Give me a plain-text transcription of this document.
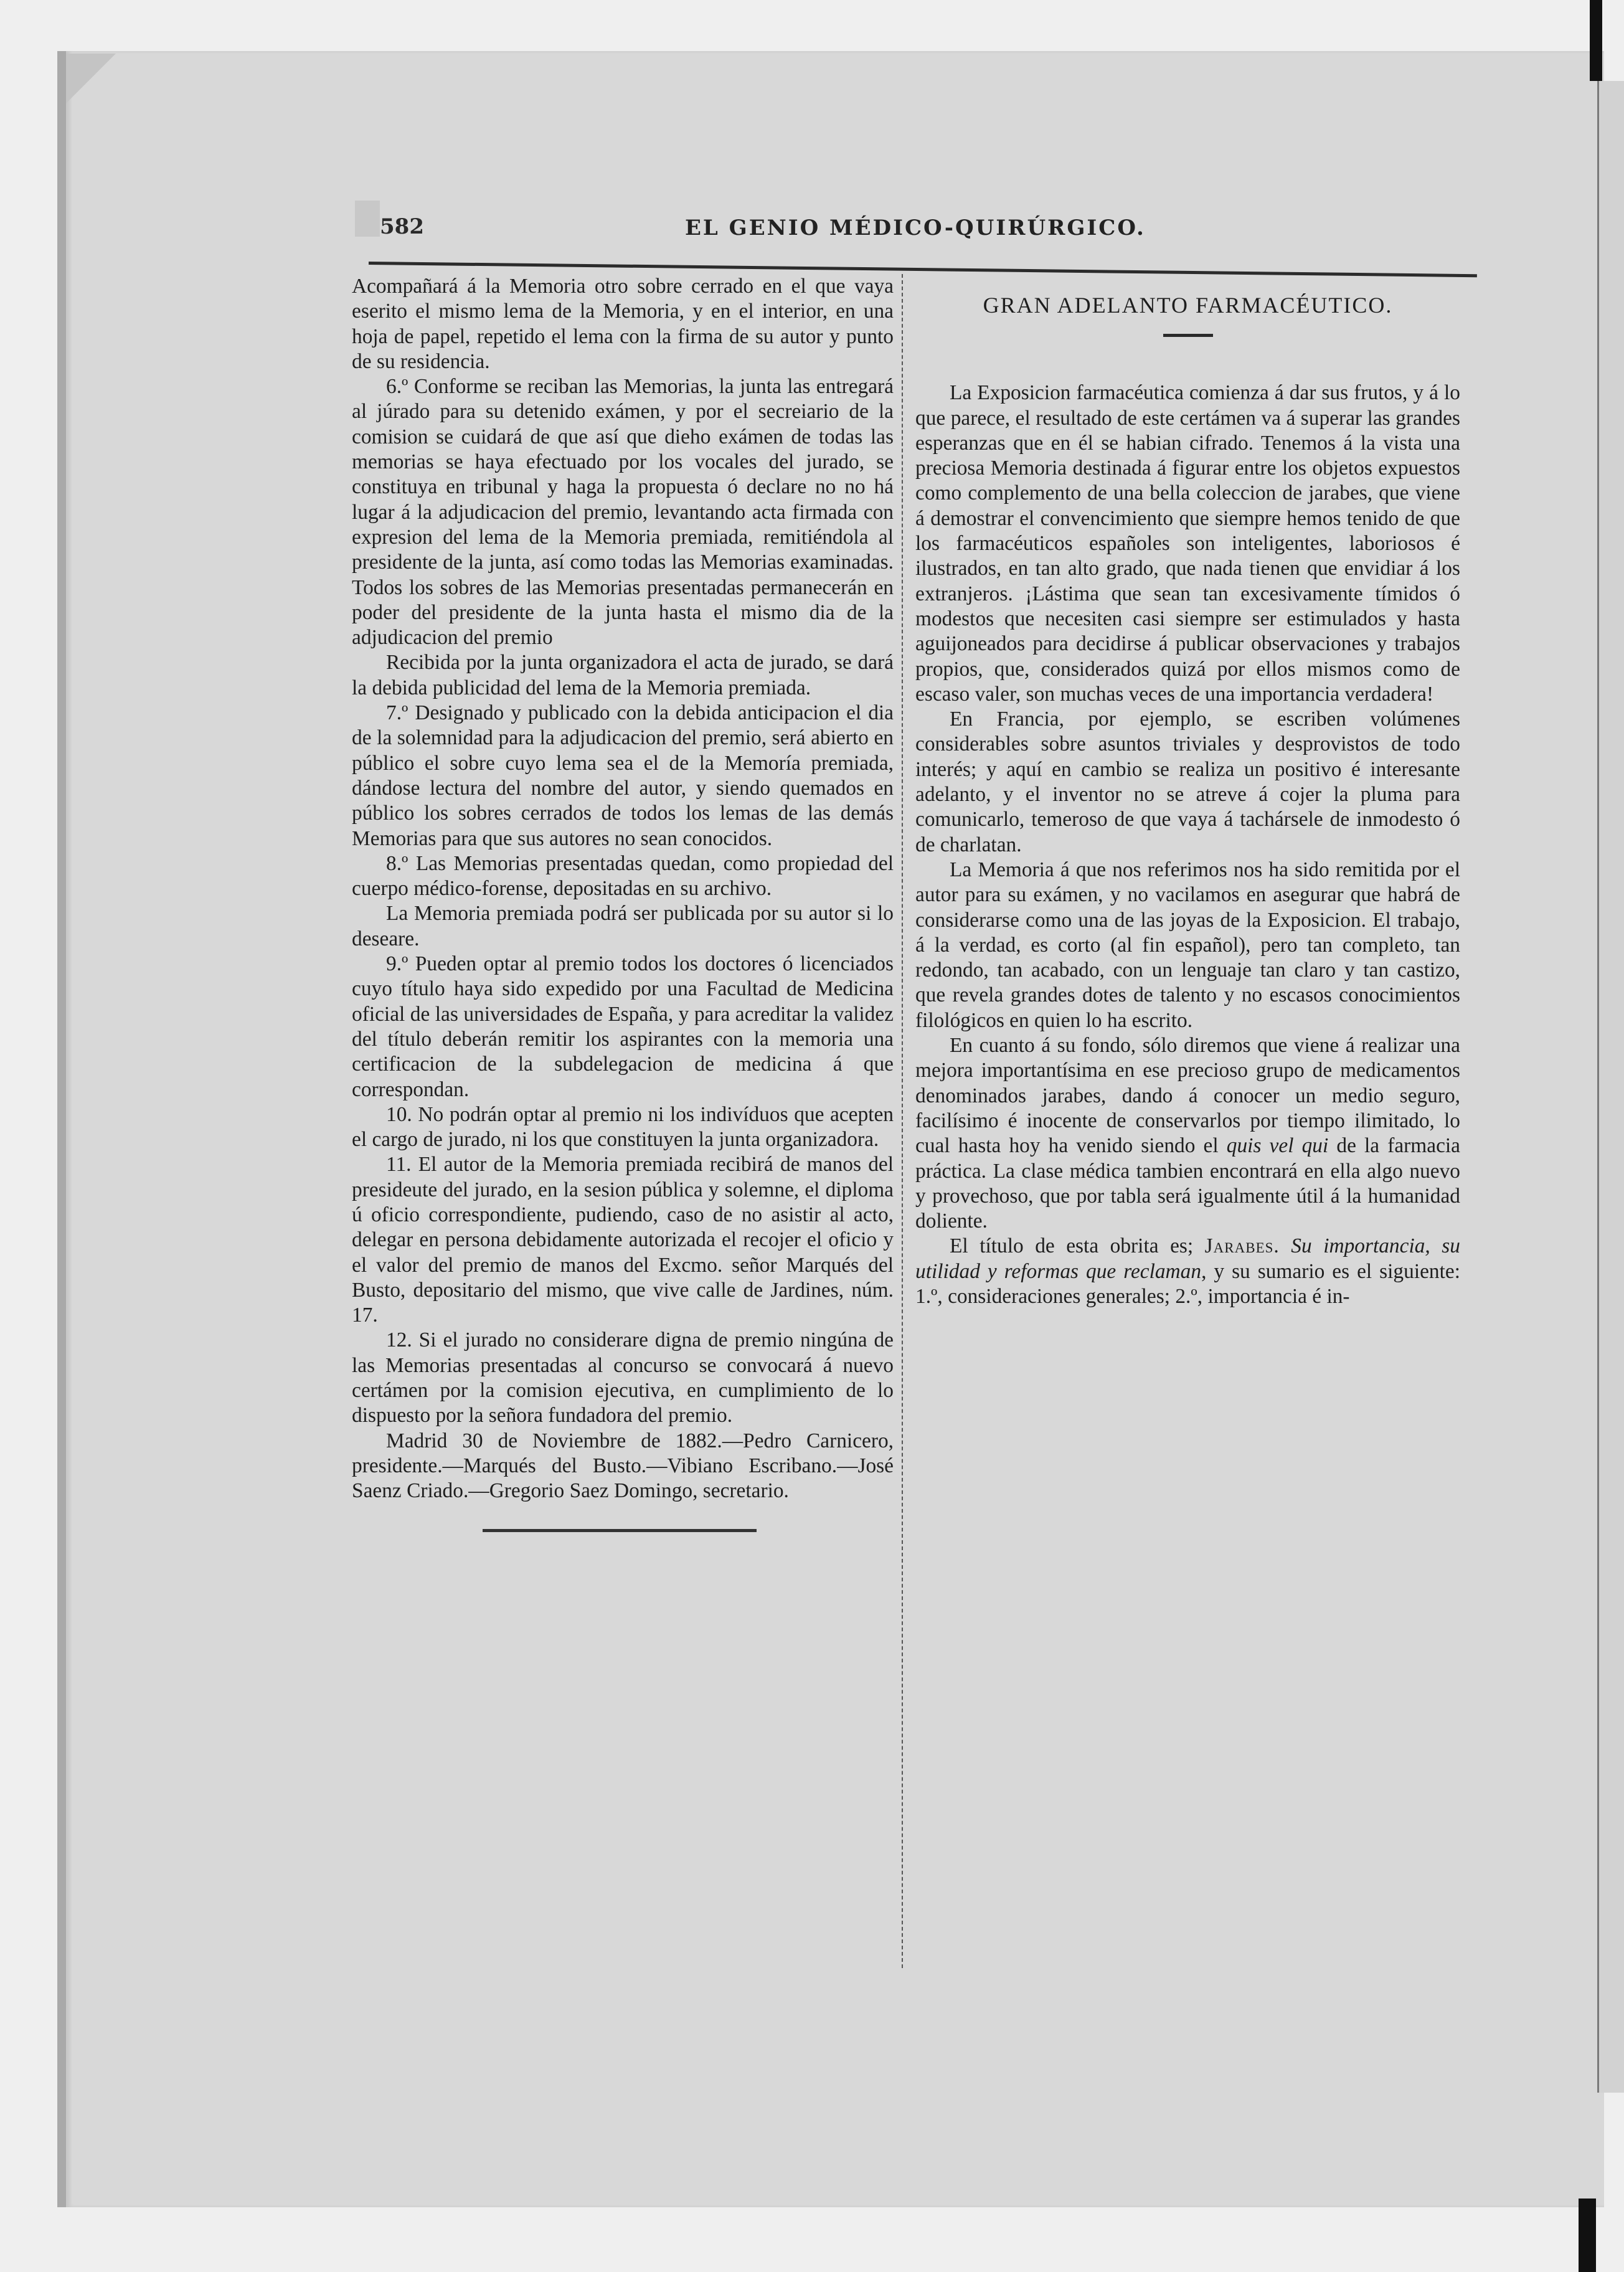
582	EL GENIO MÉDICO-QUIRÚRGICO.

Acompañará á la Memoria otro sobre cerrado en el que vaya eserito el mismo lema de la Memoria, y en el interior, en una hoja de papel, repetido el lema con la firma de su autor y punto de su residencia.

6.º Conforme se reciban las Memorias, la junta las entregará al júrado para su detenido exámen, y por el secreiario de la comision se cuidará de que así que dieho exámen de todas las memorias se haya efectuado por los vocales del jurado, se constituya en tribunal y haga la propuesta ó declare no no há lugar á la adjudicacion del premio, levantando acta firmada con expresion del lema de la Memoria premiada, remitiéndola al presidente de la junta, así como todas las Memorias examinadas. Todos los sobres de las Memorias presentadas permanecerán en poder del presidente de la junta hasta el mismo dia de la adjudicacion del premio

Recibida por la junta organizadora el acta de jurado, se dará la debida publicidad del lema de la Memoria premiada.

7.º Designado y publicado con la debida anticipacion el dia de la solemnidad para la adjudicacion del premio, será abierto en público el sobre cuyo lema sea el de la Memoría premiada, dándose lectura del nombre del autor, y siendo quemados en público los sobres cerrados de todos los lemas de las demás Memorias para que sus autores no sean conocidos.

8.º Las Memorias presentadas quedan, como propiedad del cuerpo médico-forense, depositadas en su archivo.

La Memoria premiada podrá ser publicada por su autor si lo deseare.

9.º Pueden optar al premio todos los doctores ó licenciados cuyo título haya sido expedido por una Facultad de Medicina oficial de las universidades de España, y para acreditar la validez del título deberán remitir los aspirantes con la memoria una certificacion de la subdelegacion de medicina á que correspondan.

10. No podrán optar al premio ni los indivíduos que acepten el cargo de jurado, ni los que constituyen la junta organizadora.

11. El autor de la Memoria premiada recibirá de manos del presideute del jurado, en la sesion pública y solemne, el diploma ú oficio correspondiente, pudiendo, caso de no asistir al acto, delegar en persona debidamente autorizada el recojer el oficio y el valor del premio de manos del Excmo. señor Marqués del Busto, depositario del mismo, que vive calle de Jardines, núm. 17.

12. Si el jurado no considerare digna de premio ningúna de las Memorias presentadas al concurso se convocará á nuevo certámen por la comision ejecutiva, en cumplimiento de lo dispuesto por la señora fundadora del premio.

Madrid 30 de Noviembre de 1882.—Pedro Carnicero, presidente.—Marqués del Busto.—Vibiano Escribano.—José Saenz Criado.—Gregorio Saez Domingo, secretario.

GRAN ADELANTO FARMACÉUTICO.

La Exposicion farmacéutica comienza á dar sus frutos, y á lo que parece, el resultado de este certámen va á superar las grandes esperanzas que en él se habian cifrado. Tenemos á la vista una preciosa Memoria destinada á figurar entre los objetos expuestos como complemento de una bella coleccion de jarabes, que viene á demostrar el convencimiento que siempre hemos tenido de que los farmacéuticos españoles son inteligentes, laboriosos é ilustrados, en tan alto grado, que nada tienen que envidiar á los extranjeros. ¡Lástima que sean tan excesivamente tímidos ó modestos que necesiten casi siempre ser estimulados y hasta aguijoneados para decidirse á publicar observaciones y trabajos propios, que, considerados quizá por ellos mismos como de escaso valer, son muchas veces de una importancia verdadera!

En Francia, por ejemplo, se escriben volúmenes considerables sobre asuntos triviales y desprovistos de todo interés; y aquí en cambio se realiza un positivo é interesante adelanto, y el inventor no se atreve á cojer la pluma para comunicarlo, temeroso de que vaya á tachársele de inmodesto ó de charlatan.

La Memoria á que nos referimos nos ha sido remitida por el autor para su exámen, y no vacilamos en asegurar que habrá de considerarse como una de las joyas de la Exposicion. El trabajo, á la verdad, es corto (al fin español), pero tan completo, tan redondo, tan acabado, con un lenguaje tan claro y tan castizo, que revela grandes dotes de talento y no escasos conocimientos filológicos en quien lo ha escrito.

En cuanto á su fondo, sólo diremos que viene á realizar una mejora importantísima en ese precioso grupo de medicamentos denominados jarabes, dando á conocer un medio seguro, facilísimo é inocente de conservarlos por tiempo ilimitado, lo cual hasta hoy ha venido siendo el quis vel qui de la farmacia práctica. La clase médica tambien encontrará en ella algo nuevo y provechoso, que por tabla será igualmente útil á la humanidad doliente.

El título de esta obrita es; Jarabes. Su importancia, su utilidad y reformas que reclaman, y su sumario es el siguiente: 1.º, consideraciones generales; 2.º, importancia é in-
